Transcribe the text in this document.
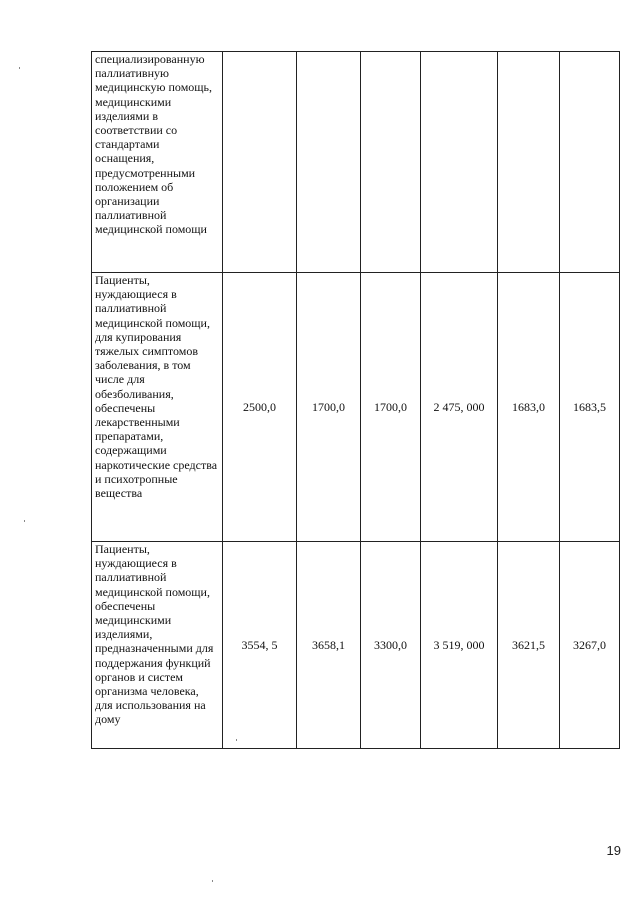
специализированную паллиативную медицинскую помощь, медицинскими изделиями в соответствии со стандартами оснащения, предусмотренными положением об организации паллиативной медицинской помощи	

Пациенты, нуждающиеся в паллиативной медицинской помощи, для купирования тяжелых симптомов заболевания, в том числе для обезболивания, обеспечены лекарственными препаратами, содержащими наркотические средства и психотропные вещества	2500,0	1700,0	1700,0	2 475, 000	1683,0	1683,5

Пациенты, нуждающиеся в паллиативной медицинской помощи, обеспечены медицинскими изделиями, предназначенными для поддержания функций органов и систем организма человека, для использования на дому	3554, 5	3658,1	3300,0	3 519, 000	3621,5	3267,0
19
